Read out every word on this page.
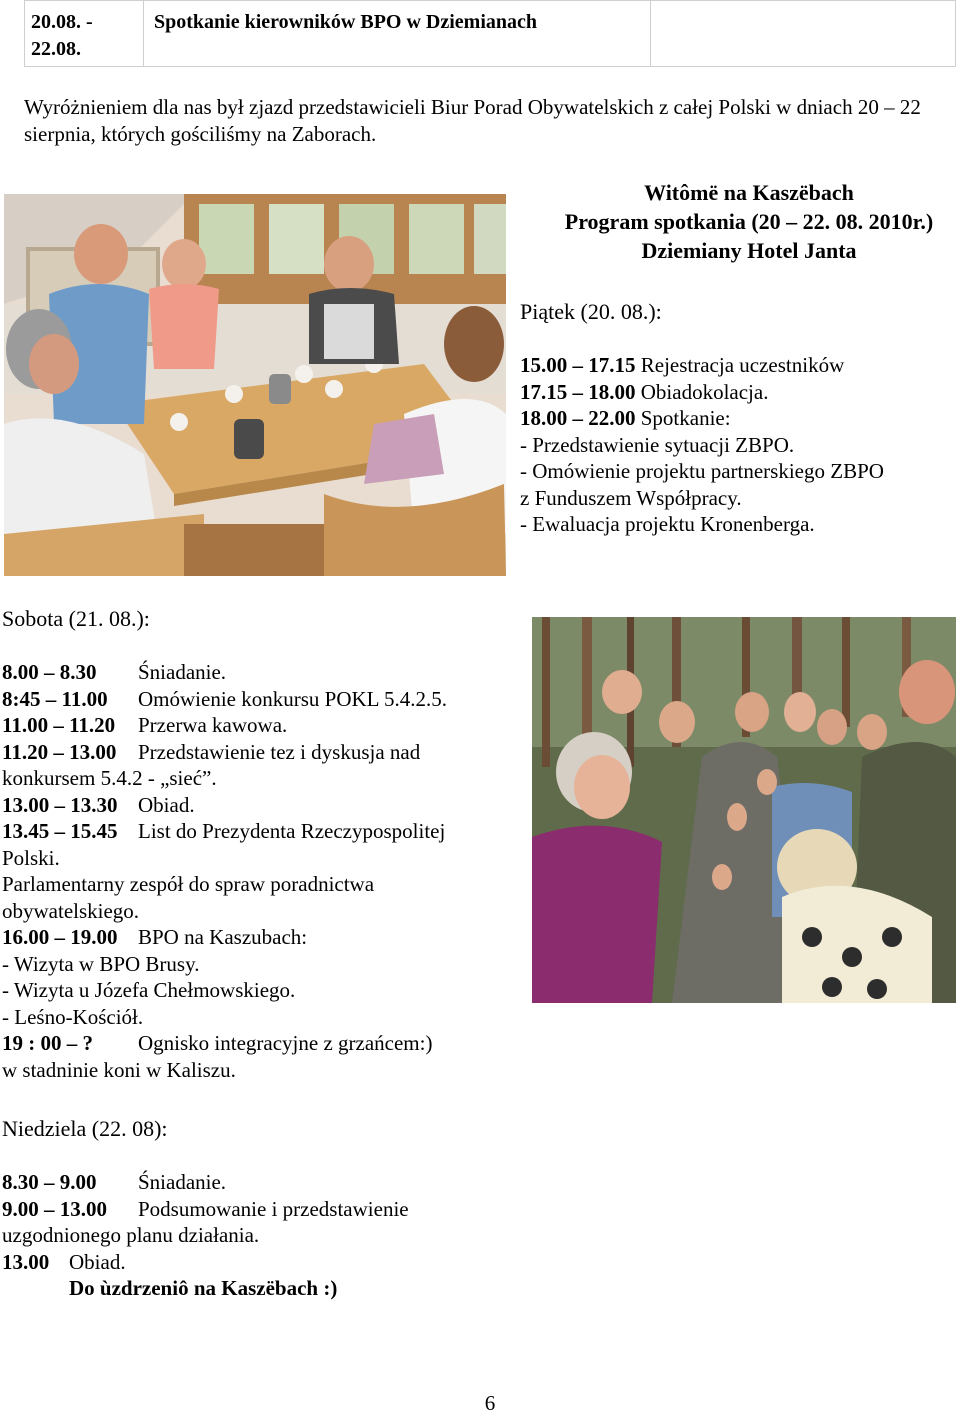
20.08. - 22.08.	Spotkanie kierowników BPO w Dziemianach	
Wyróżnieniem dla nas był zjazd przedstawicieli Biur Porad Obywatelskich z całej Polski w dniach 20 – 22 sierpnia, których gościliśmy na Zaborach.
Witômë na Kaszëbach
Program spotkania (20 – 22. 08. 2010r.)
Dziemiany Hotel Janta
Piątek (20. 08.):
15.00 – 17.15 Rejestracja uczestników
17.15 – 18.00 Obiadokolacja.
18.00 – 22.00 Spotkanie:
- Przedstawienie sytuacji ZBPO.
- Omówienie projektu partnerskiego ZBPO
z Funduszem Współpracy.
- Ewaluacja projektu Kronenberga.
Sobota (21. 08.):
8.00 – 8.30 Śniadanie.
8:45 – 11.00 Omówienie konkursu POKL 5.4.2.5.
11.00 – 11.20 Przerwa kawowa.
11.20 – 13.00 Przedstawienie tez i dyskusja nad
konkursem 5.4.2 - „sieć”.
13.00 – 13.30 Obiad.
13.45 – 15.45 List do Prezydenta Rzeczypospolitej
Polski.
Parlamentarny zespół do spraw poradnictwa
obywatelskiego.
16.00 – 19.00 BPO na Kaszubach:
- Wizyta w BPO Brusy.
- Wizyta u Józefa Chełmowskiego.
- Leśno-Kościół.
19 : 00 – ? Ognisko integracyjne z grzańcem:)
w stadninie koni w Kaliszu.
Niedziela (22. 08):
8.30 – 9.00 Śniadanie.
9.00 – 13.00 Podsumowanie i przedstawienie
uzgodnionego planu działania.
13.00 Obiad.
Do ùzdrzeniô na Kaszëbach :)
6
